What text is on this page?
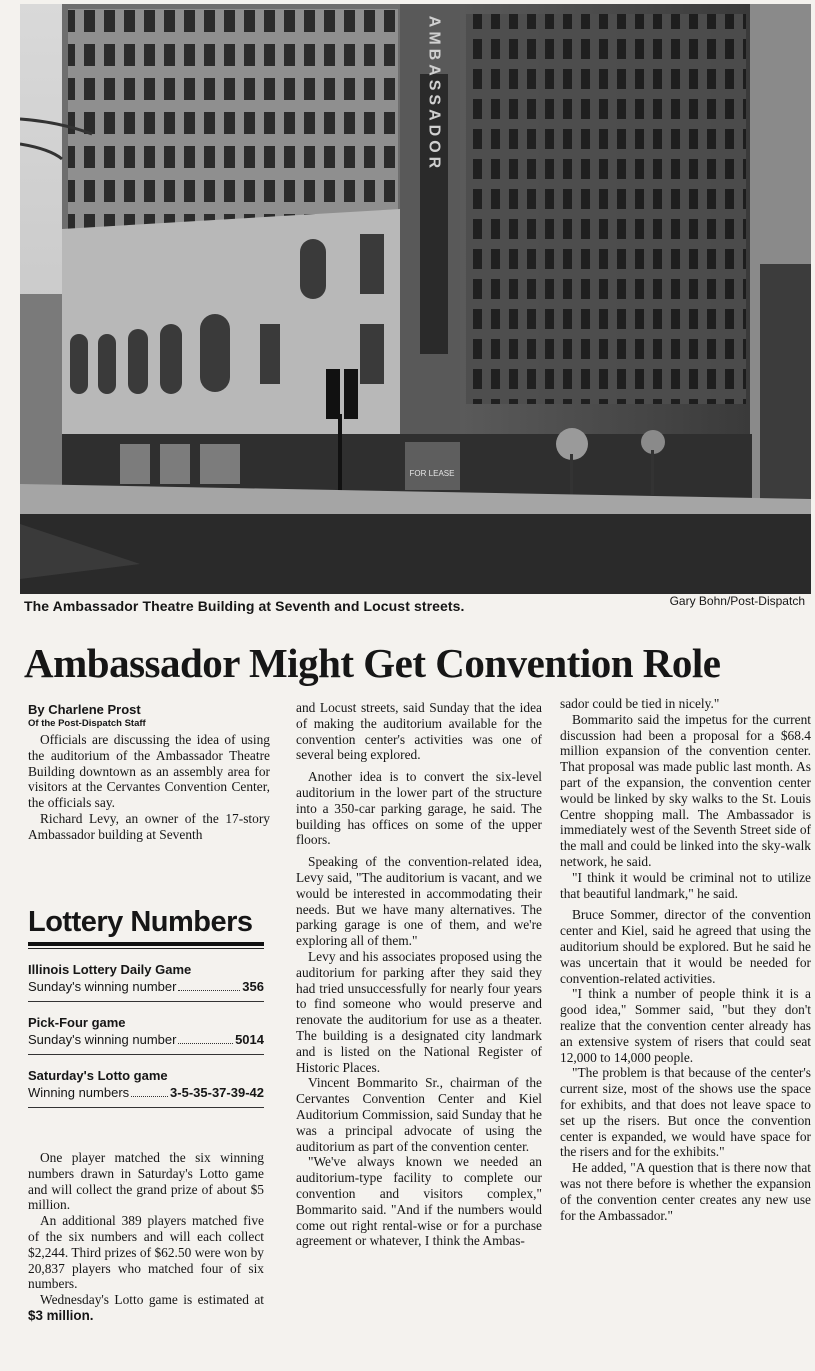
AMBASSADOR
FOR LEASE
The Ambassador Theatre Building at Seventh and Locust streets.	Gary Bohn/Post-Dispatch
Ambassador Might Get Convention Role
By Charlene Prost
Of the Post-Dispatch Staff

Officials are discussing the idea of using the auditorium of the Ambassador Theatre Building downtown as an assembly area for visitors at the Cervantes Convention Center, the officials say.

Richard Levy, an owner of the 17-story Ambassador building at Seventh

Lottery Numbers
Illinois Lottery Daily Game
Sunday's winning number	356
Pick-Four game
Sunday's winning number	5014
Saturday's Lotto game
Winning numbers	3-5-35-37-39-42

One player matched the six winning numbers drawn in Saturday's Lotto game and will collect the grand prize of about $5 million.

An additional 389 players matched five of the six numbers and will each collect $2,244. Third prizes of $62.50 were won by 20,837 players who matched four of six numbers.

Wednesday's Lotto game is estimated at $3 million.

and Locust streets, said Sunday that the idea of making the auditorium available for the convention center's activities was one of several being explored.

Another idea is to convert the six-level auditorium in the lower part of the structure into a 350-car parking garage, he said. The building has offices on some of the upper floors.

Speaking of the convention-related idea, Levy said, "The auditorium is vacant, and we would be interested in accommodating their needs. But we have many alternatives. The parking garage is one of them, and we're exploring all of them."

Levy and his associates proposed using the auditorium for parking after they said they had tried unsuccessfully for nearly four years to find someone who would preserve and renovate the auditorium for use as a theater. The building is a designated city landmark and is listed on the National Register of Historic Places.

Vincent Bommarito Sr., chairman of the Cervantes Convention Center and Kiel Auditorium Commission, said Sunday that he was a principal advocate of using the auditorium as part of the convention center.

"We've always known we needed an auditorium-type facility to complete our convention and visitors complex," Bommarito said. "And if the numbers would come out right rental-wise or for a purchase agreement or whatever, I think the Ambas-

sador could be tied in nicely."

Bommarito said the impetus for the current discussion had been a proposal for a $68.4 million expansion of the convention center. That proposal was made public last month. As part of the expansion, the convention center would be linked by sky walks to the St. Louis Centre shopping mall. The Ambassador is immediately west of the Seventh Street side of the mall and could be linked into the sky-walk network, he said.

"I think it would be criminal not to utilize that beautiful landmark," he said.

Bruce Sommer, director of the convention center and Kiel, said he agreed that using the auditorium should be explored. But he said he was uncertain that it would be needed for convention-related activities.

"I think a number of people think it is a good idea," Sommer said, "but they don't realize that the convention center already has an extensive system of risers that could seat 12,000 to 14,000 people.

"The problem is that because of the center's current size, most of the shows use the space for exhibits, and that does not leave space to set up the risers. But once the convention center is expanded, we would have space for the risers and for the exhibits."

He added, "A question that is there now that was not there before is whether the expansion of the convention center creates any new use for the Ambassador."
